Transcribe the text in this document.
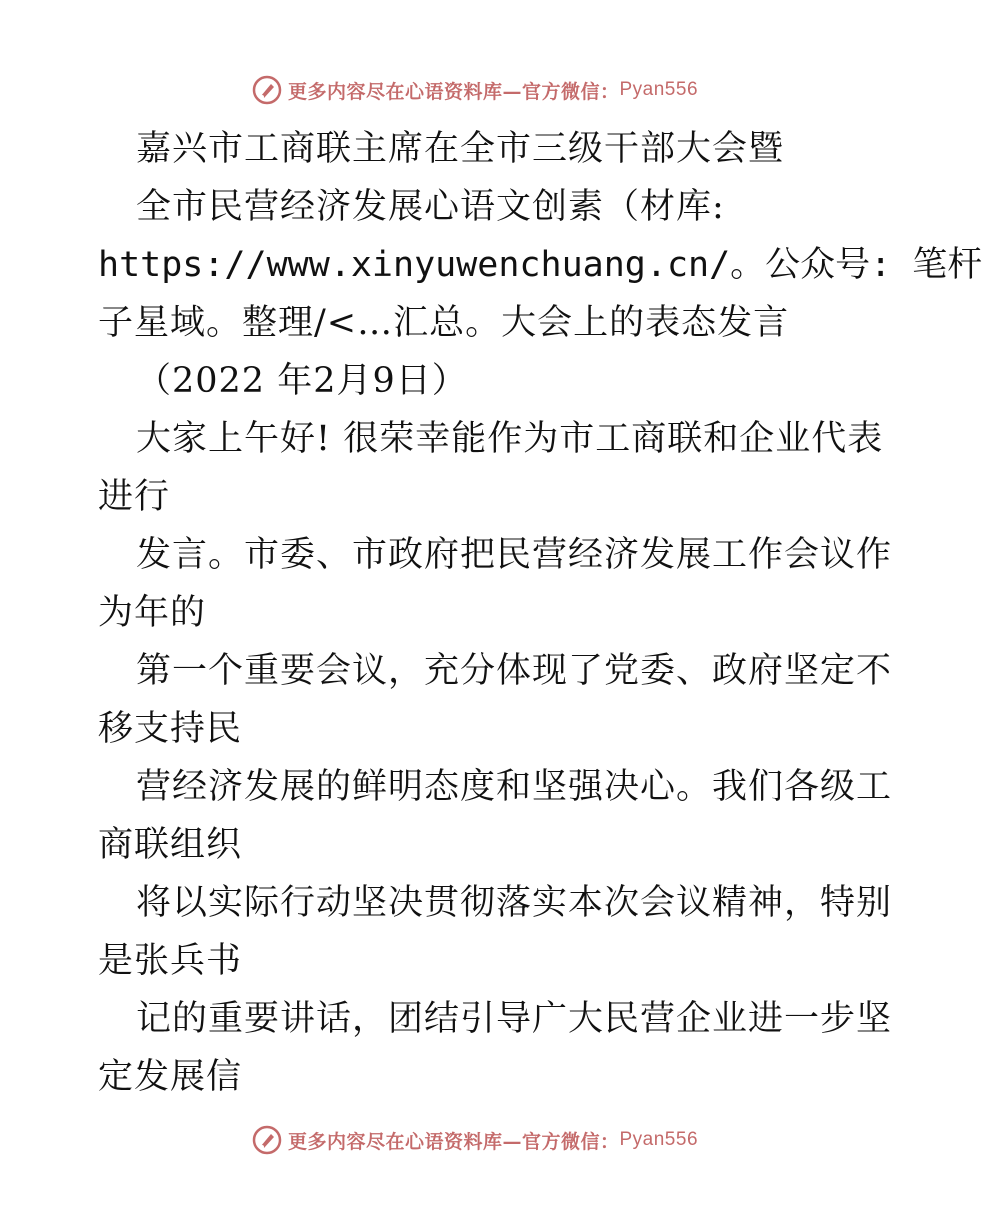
更多内容尽在心语资料库—官方微信： Pyan556
嘉兴市工商联主席在全市三级干部大会暨
全市民营经济发展心语文创素（材库:
https://www.xinyuwenchuang.cn/。公众号: 笔杆
子星域。整理/<…汇总。大会上的表态发言
（2022 年2月9日）
大家上午好! 很荣幸能作为市工商联和企业代表
进行
发言。市委、市政府把民营经济发展工作会议作
为年的
第一个重要会议，充分体现了党委、政府坚定不
移支持民
营经济发展的鲜明态度和坚强决心。我们各级工
商联组织
将以实际行动坚决贯彻落实本次会议精神，特别
是张兵书
记的重要讲话，团结引导广大民营企业进一步坚
定发展信
更多内容尽在心语资料库—官方微信： Pyan556
